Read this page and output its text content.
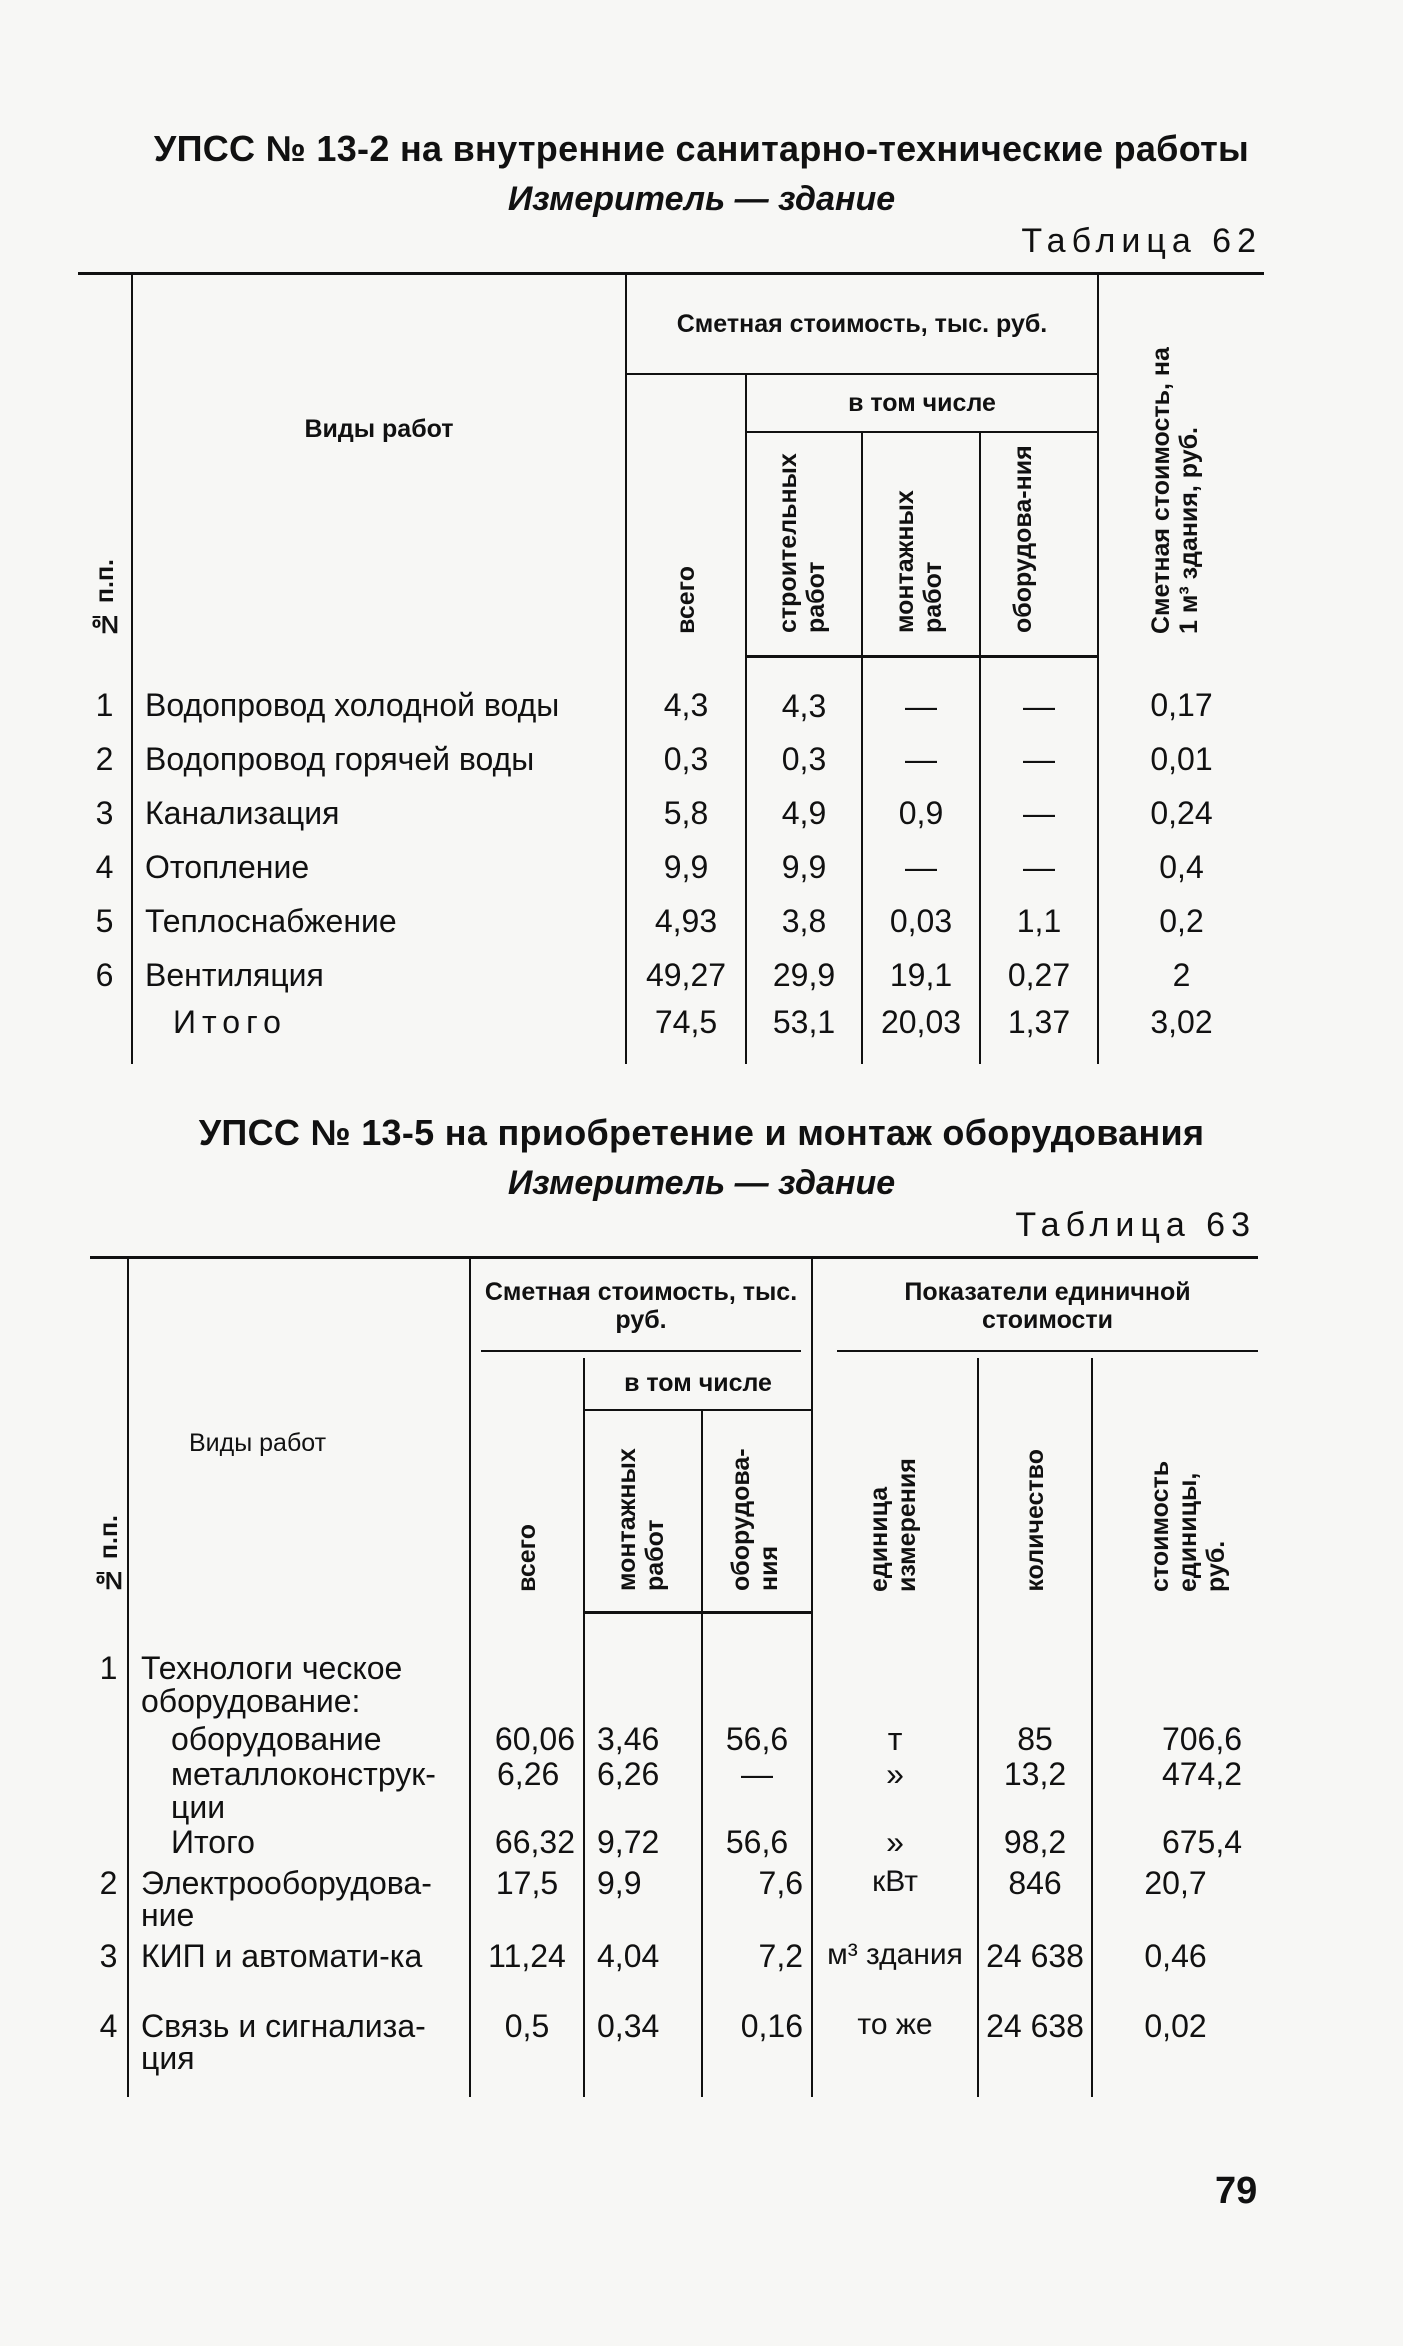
УПСС № 13-2 на внутренние санитарно-технические работы
Измеритель — здание
Таблица 62
№ п.п.	Виды работ	Сметная стоимость, тыс. руб.				Сметная стоимость, на 1 м³ здания, руб.
		всего	в том числе			
			строительных работ	монтажных работ	оборудова-ния	
1	Водопровод холодной воды	4,3	4,3	—	—	0,17
2	Водопровод горячей воды	0,3	0,3	—	—	0,01
3	Канализация	5,8	4,9	0,9	—	0,24
4	Отопление	9,9	9,9	—	—	0,4
5	Теплоснабжение	4,93	3,8	0,03	1,1	0,2
6	Вентиляция	49,27	29,9	19,1	0,27	2
	Итого	74,5	53,1	20,03	1,37	3,02
УПСС № 13-5 на приобретение и монтаж оборудования
Измеритель — здание
Таблица 63
№ п.п.	Виды работ	Сметная стоимость, тыс. руб.			Показатели единичной стоимости		

		всего	в том числе		единица измерения	количество	стоимость единицы, руб.
			монтажных работ	оборудова-ния			
1	Технологи ческое оборудование:						

	оборудование	60,06	3,46	56,6	т	85	706,6

	металлоконструк-ции	6,26	6,26	—	»	13,2	474,2

	Итого	66,32	9,72	56,6	»	98,2	675,4
2	Электрооборудова-ние	17,5	9,9	7,6	кВт	846	20,7
3	КИП и автомати-ка	11,24	4,04	7,2	м³ здания	24 638	0,46
4	Связь и сигнализа-ция	0,5	0,34	0,16	то же	24 638	0,02

79
